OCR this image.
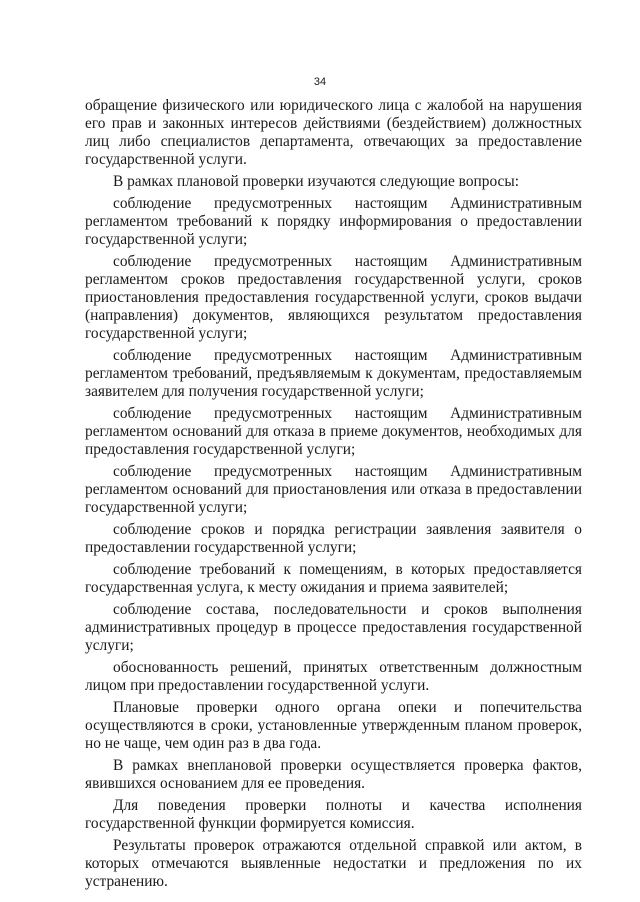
34

обращение физического или юридического лица с жалобой на нарушения его прав и законных интересов действиями (бездействием) должностных лиц либо специалистов департамента, отвечающих за предоставление государственной услуги.

В рамках плановой проверки изучаются следующие вопросы:

соблюдение предусмотренных настоящим Административным регламентом требований к порядку информирования о предоставлении государственной услуги;

соблюдение предусмотренных настоящим Административным регламентом сроков предоставления государственной услуги, сроков приостановления предоставления государственной услуги, сроков выдачи (направления) документов, являющихся результатом предоставления государственной услуги;

соблюдение предусмотренных настоящим Административным регламентом требований, предъявляемым к документам, предоставляемым заявителем для получения государственной услуги;

соблюдение предусмотренных настоящим Административным регламентом оснований для отказа в приеме документов, необходимых для предоставления государственной услуги;

соблюдение предусмотренных настоящим Административным регламентом оснований для приостановления или отказа в предоставлении государственной услуги;

соблюдение сроков и порядка регистрации заявления заявителя о предоставлении государственной услуги;

соблюдение требований к помещениям, в которых предоставляется государственная услуга, к месту ожидания и приема заявителей;

соблюдение состава, последовательности и сроков выполнения административных процедур в процессе предоставления государственной услуги;

обоснованность решений, принятых ответственным должностным лицом при предоставлении государственной услуги.

Плановые проверки одного органа опеки и попечительства осуществляются в сроки, установленные утвержденным планом проверок, но не чаще, чем один раз в два года.

В рамках внеплановой проверки осуществляется проверка фактов, явившихся основанием для ее проведения.

Для поведения проверки полноты и качества исполнения государственной функции формируется комиссия.

Результаты проверок отражаются отдельной справкой или актом, в которых отмечаются выявленные недостатки и предложения по их устранению.
